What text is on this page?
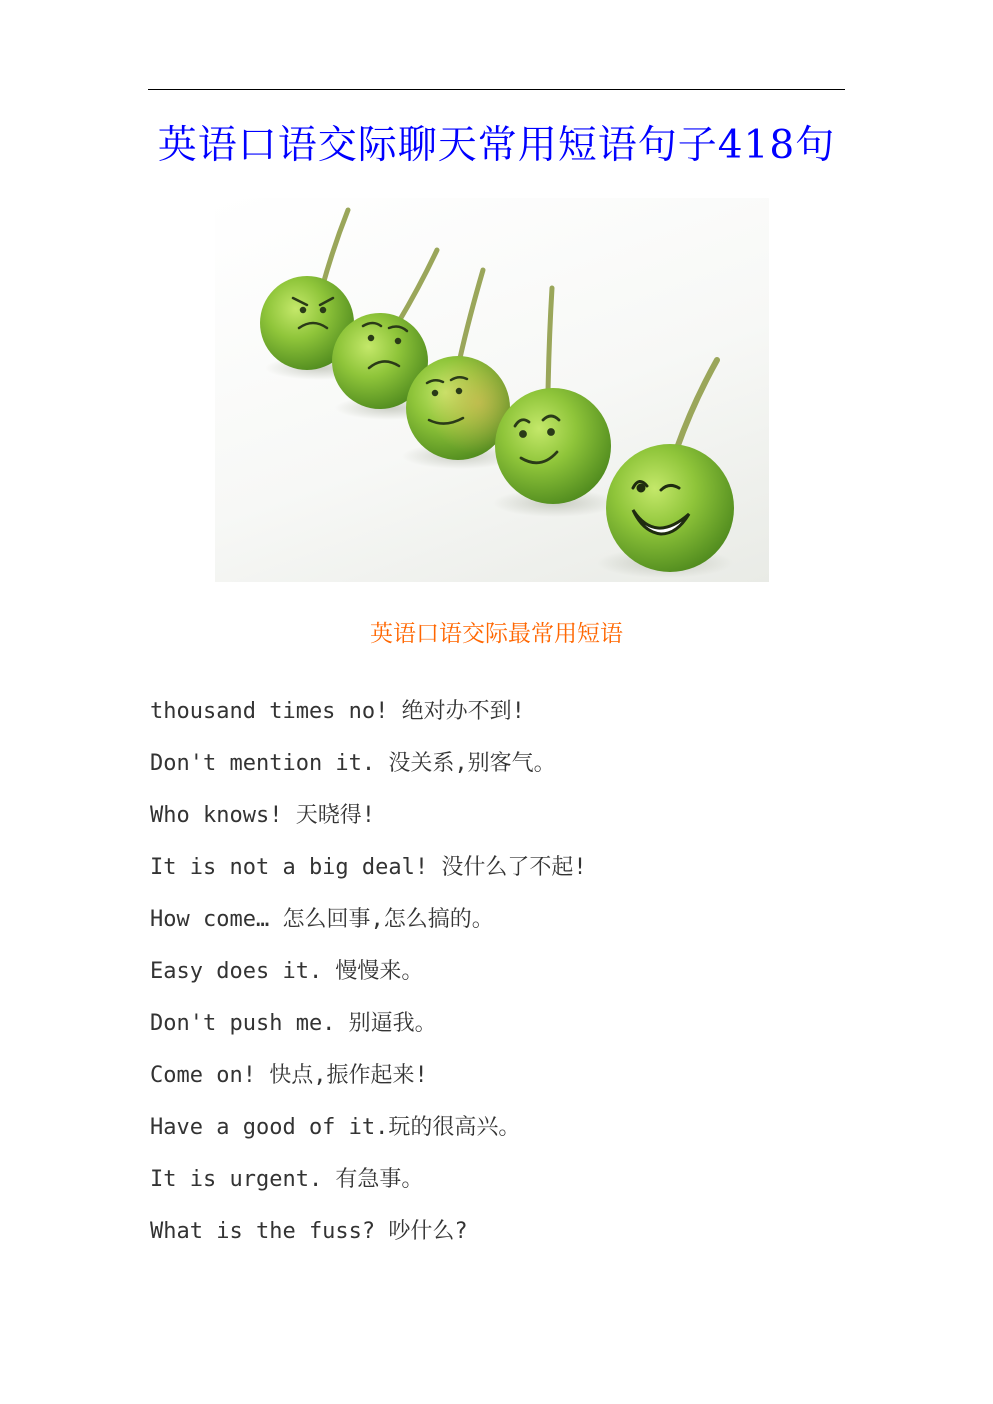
英语口语交际聊天常用短语句子418句
英语口语交际最常用短语
thousand times no! 绝对办不到!
Don't mention it. 没关系,别客气。
Who knows! 天晓得!
It is not a big deal! 没什么了不起!
How come… 怎么回事,怎么搞的。
Easy does it. 慢慢来。
Don't push me. 别逼我。
Come on! 快点,振作起来!
Have a good of it.玩的很高兴。
It is urgent. 有急事。
What is the fuss? 吵什么?
